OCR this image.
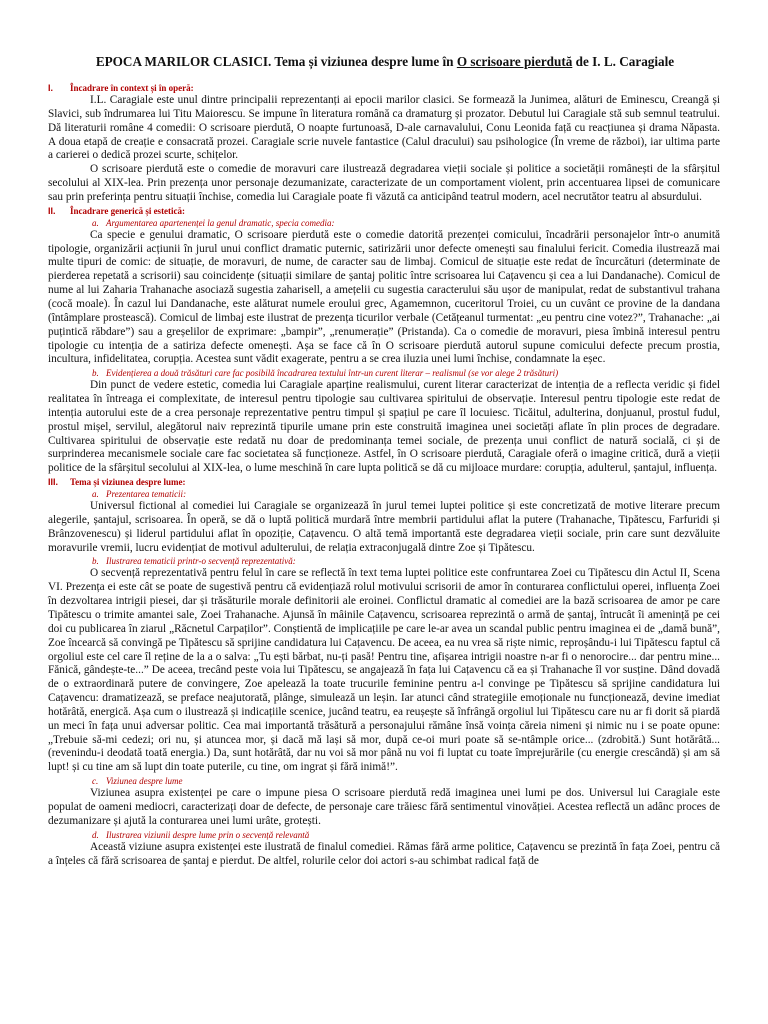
EPOCA MARILOR CLASICI. Tema și viziunea despre lume în O scrisoare pierdută de I. L. Caragiale
I. Încadrare în context și în operă:

I.L. Caragiale este unul dintre principalii reprezentanți ai epocii marilor clasici. Se formează la Junimea, alături de Eminescu, Creangă și Slavici, sub îndrumarea lui Titu Maiorescu. Se impune în literatura română ca dramaturg și prozator. Debutul lui Caragiale stă sub semnul teatrului. Dă literaturii române 4 comedii: O scrisoare pierdută, O noapte furtunoasă, D-ale carnavalului, Conu Leonida față cu reacțiunea și drama Năpasta. A doua etapă de creație e consacrată prozei. Caragiale scrie nuvele fantastice (Calul dracului) sau psihologice (În vreme de război), iar ultima parte a carierei o dedică prozei scurte, schițelor.

O scrisoare pierdută este o comedie de moravuri care ilustrează degradarea vieții sociale și politice a societății românești de la sfârșitul secolului al XIX-lea. Prin prezența unor personaje dezumanizate, caracterizate de un comportament violent, prin accentuarea lipsei de comunicare sau prin preferința pentru situații închise, comedia lui Caragiale poate fi văzută ca anticipând teatrul modern, acel necrutător teatru al absurdului.

II. Încadrare generică și estetică:
a. Argumentarea apartenenței la genul dramatic, specia comedia:

Ca specie e genului dramatic, O scrisoare pierdută este o comedie datorită prezenței comicului, încadrării personajelor într-o anumită tipologie, organizării acțiunii în jurul unui conflict dramatic puternic, satirizării unor defecte omenești sau finalului fericit. Comedia ilustrează mai multe tipuri de comic: de situație, de moravuri, de nume, de caracter sau de limbaj. Comicul de situație este redat de încurcături (determinate de pierderea repetată a scrisorii) sau coincidențe (situații similare de șantaj politic între scrisoarea lui Cațavencu și cea a lui Dandanache). Comicul de nume al lui Zaharia Trahanache asociază sugestia zaharisell, a amețelii cu sugestia caracterului său ușor de manipulat, redat de substantivul trahana (cocă moale). În cazul lui Dandanache, este alăturat numele eroului grec, Agamemnon, cuceritorul Troiei, cu un cuvânt ce provine de la dandana (întâmplare prostească). Comicul de limbaj este ilustrat de prezența ticurilor verbale (Cetățeanul turmentat: „eu pentru cine votez?”, Trahanache: „ai puțintică răbdare”) sau a greșelilor de exprimare: „bampir”, „renumerație” (Pristanda). Ca o comedie de moravuri, piesa îmbină interesul pentru tipologie cu intenția de a satiriza defecte omenești. Așa se face că în O scrisoare pierdută autorul supune comicului defecte precum prostia, incultura, infidelitatea, corupția. Acestea sunt vădit exagerate, pentru a se crea iluzia unei lumi închise, condamnate la eșec.

b. Evidențierea a două trăsături care fac posibilă încadrarea textului într-un curent literar – realismul (se vor alege 2 trăsături)

Din punct de vedere estetic, comedia lui Caragiale aparține realismului, curent literar caracterizat de intenția de a reflecta veridic și fidel realitatea în întreaga ei complexitate, de interesul pentru tipologie sau cultivarea spiritului de observație. Interesul pentru tipologie este redat de intenția autorului este de a crea personaje reprezentative pentru timpul și spațiul pe care îl locuiesc. Ticăitul, adulterina, donjuanul, prostul fudul, prostul mișel, servilul, alegătorul naiv reprezintă tipurile umane prin este construită imaginea unei societăți aflate în plin proces de degradare. Cultivarea spiritului de observație este redată nu doar de predominanța temei sociale, de prezența unui conflict de natură socială, ci și de surprinderea mecanismele sociale care fac societatea să funcționeze. Astfel, în O scrisoare pierdută, Caragiale oferă o imagine critică, dură a vieții politice de la sfârșitul secolului al XIX-lea, o lume meschină în care lupta politică se dă cu mijloace murdare: corupția, adulterul, șantajul, influența.

III. Tema și viziunea despre lume:
a. Prezentarea tematicii:

Universul fictional al comediei lui Caragiale se organizează în jurul temei luptei politice și este concretizată de motive literare precum alegerile, șantajul, scrisoarea. În operă, se dă o luptă politică murdară între membrii partidului aflat la putere (Trahanache, Tipătescu, Farfuridi și Brânzovenescu) și liderul partidului aflat în opoziție, Cațavencu. O altă temă importantă este degradarea vieții sociale, prin care sunt dezvăluite moravurile vremii, lucru evidențiat de motivul adulterului, de relația extraconjugală dintre Zoe și Tipătescu.

b. Ilustrarea tematicii printr-o secvență reprezentativă:

O secvență reprezentativă pentru felul în care se reflectă în text tema luptei politice este confruntarea Zoei cu Tipătescu din Actul II, Scena VI. Prezența ei este cât se poate de sugestivă pentru că evidențiază rolul motivului scrisorii de amor în conturarea conflictului operei, influența Zoei în dezvoltarea intrigii piesei, dar și trăsăturile morale definitorii ale eroinei. Conflictul dramatic al comediei are la bază scrisoarea de amor pe care Tipătescu o trimite amantei sale, Zoei Trahanache. Ajunsă în mâinile Cațavencu, scrisoarea reprezintă o armă de șantaj, întrucât îi amenință pe cei doi cu publicarea în ziarul „Răcnetul Carpaților”. Conștientă de implicațiile pe care le-ar avea un scandal public pentru imaginea ei de „damă bună”, Zoe încearcă să convingă pe Tipătescu să sprijine candidatura lui Cațavencu. De aceea, ea nu vrea să riște nimic, reproșându-i lui Tipătescu faptul că orgoliul este cel care îl reține de la a o salva: „Tu ești bărbat, nu-ți pasă! Pentru tine, afișarea intrigii noastre n-ar fi o nenorocire... dar pentru mine... Fănică, gândește-te...” De aceea, trecând peste voia lui Tipătescu, se angajează în fața lui Cațavencu că ea și Trahanache îl vor susține. Dând dovadă de o extraordinară putere de convingere, Zoe apelează la toate trucurile feminine pentru a-l convinge pe Tipătescu să sprijine candidatura lui Cațavencu: dramatizează, se preface neajutorată, plânge, simulează un leșin. Iar atunci când strategiile emoționale nu funcționează, devine imediat hotărâtă, energică. Așa cum o ilustrează și indicațiile scenice, jucând teatru, ea reușește să înfrângă orgoliul lui Tipătescu care nu ar fi dorit să piardă un meci în fața unui adversar politic. Cea mai importantă trăsătură a personajului rămâne însă voința căreia nimeni și nimic nu i se poate opune: „Trebuie să-mi cedezi; ori nu, și atuncea mor, și dacă mă lași să mor, după ce-oi muri poate să se-ntâmple orice... (zdrobită.) Sunt hotărâtă... (revenindu-i deodată toată energia.) Da, sunt hotărâtă, dar nu voi să mor până nu voi fi luptat cu toate împrejurările (cu energie crescândă) și am să lupt! și cu tine am să lupt din toate puterile, cu tine, om ingrat și fără inimă!”.

c. Viziunea despre lume

Viziunea asupra existenței pe care o impune piesa O scrisoare pierdută redă imaginea unei lumi pe dos. Universul lui Caragiale este populat de oameni mediocri, caracterizați doar de defecte, de personaje care trăiesc fără sentimentul vinovăției. Acestea reflectă un adânc proces de dezumanizare și ajută la conturarea unei lumi urâte, grotești.

d. Ilustrarea viziunii despre lume prin o secvență relevantă

Această viziune asupra existenței este ilustrată de finalul comediei. Rămas fără arme politice, Cațavencu se prezintă în fața Zoei, pentru că a înțeles că fără scrisoarea de șantaj e pierdut. De altfel, rolurile celor doi actori s-au schimbat radical față de
